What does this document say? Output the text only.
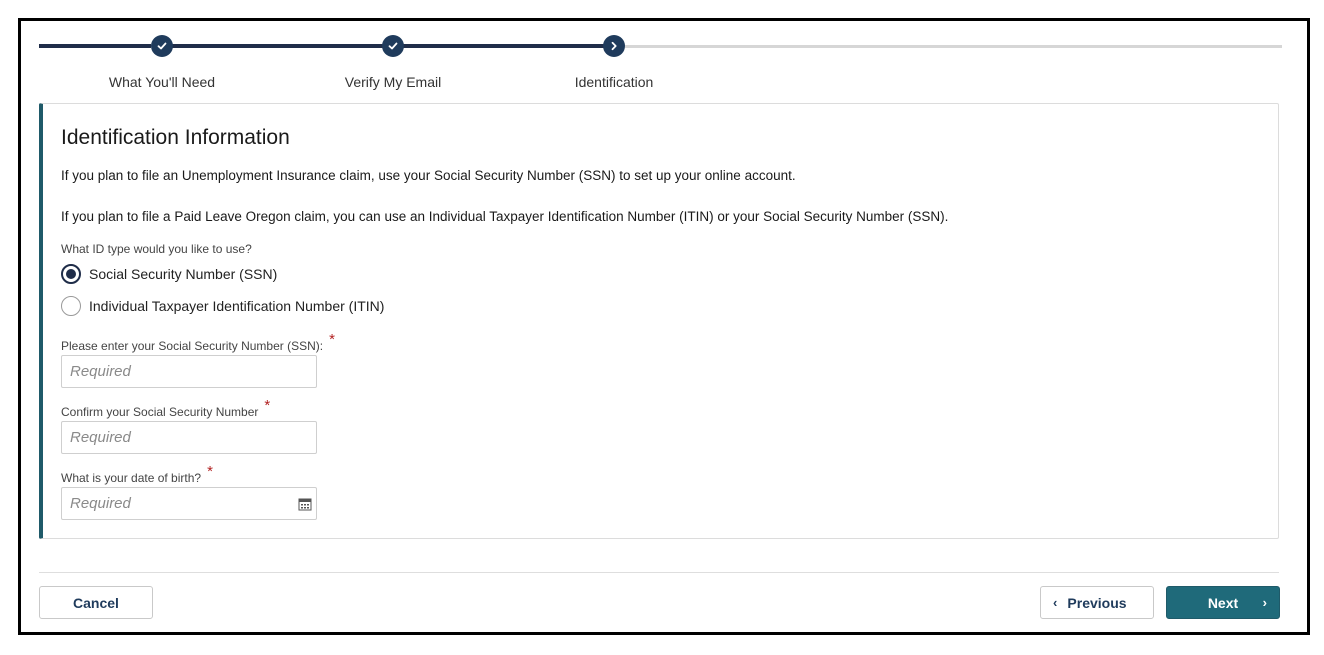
What You'll Need	Verify My Email	Identification
Identification Information

If you plan to file an Unemployment Insurance claim, use your Social Security Number (SSN) to set up your online account.

If you plan to file a Paid Leave Oregon claim, you can use an Individual Taxpayer Identification Number (ITIN) or your Social Security Number (SSN).

What ID type would you like to use?
Social Security Number (SSN)
Individual Taxpayer Identification Number (ITIN)
Please enter your Social Security Number (SSN): *
Required
Confirm your Social Security Number *
Required
What is your date of birth? *
Required
Cancel	‹ Previous	Next ›
